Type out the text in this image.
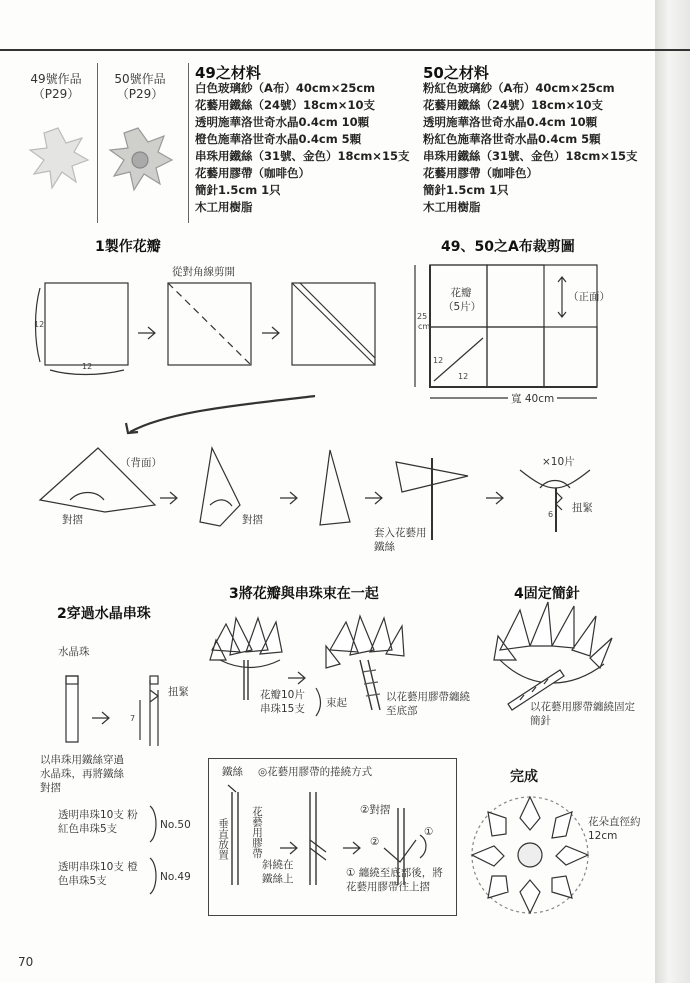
49號作品
（P29）
50號作品
（P29）
49之材料
白色玻璃紗（A布）40cm×25cm
花藝用鐵絲（24號）18cm×10支
透明施華洛世奇水晶0.4cm 10顆
橙色施華洛世奇水晶0.4cm 5顆
串珠用鐵絲（31號、金色）18cm×15支
花藝用膠帶（咖啡色）
簡針1.5cm 1只
木工用樹脂
50之材料
粉紅色玻璃紗（A布）40cm×25cm
花藝用鐵絲（24號）18cm×10支
透明施華洛世奇水晶0.4cm 10顆
粉紅色施華洛世奇水晶0.4cm 5顆
串珠用鐵絲（31號、金色）18cm×15支
花藝用膠帶（咖啡色）
簡針1.5cm 1只
木工用樹脂
1製作花瓣
12
12
從對角線剪開
（背面）
對摺	對摺
套入花藝用鐵絲
×10片
6
扭緊
49、50之A布裁剪圖
花瓣（5片）
（正面）
25
cm
12
12
寬 40cm
2穿過水晶串珠
水晶珠
7
扭緊
以串珠用鐵絲穿過水晶珠，再將鐵絲對摺
透明串珠10支 粉紅色串珠5支	No.50
透明串珠10支 橙色串珠5支	No.49
3將花瓣與串珠束在一起
花瓣10片 串珠15支	束起	以花藝用膠帶纏繞至底部
4固定簡針
以花藝用膠帶纏繞固定簡針
鐵絲 ◎花藝用膠帶的捲繞方式
垂直放置 花藝用膠帶
斜繞在鐵絲上
②對摺
②
①
① 纏繞至底部後，將花藝用膠帶往上摺
完成
花朵直徑約12cm
70
